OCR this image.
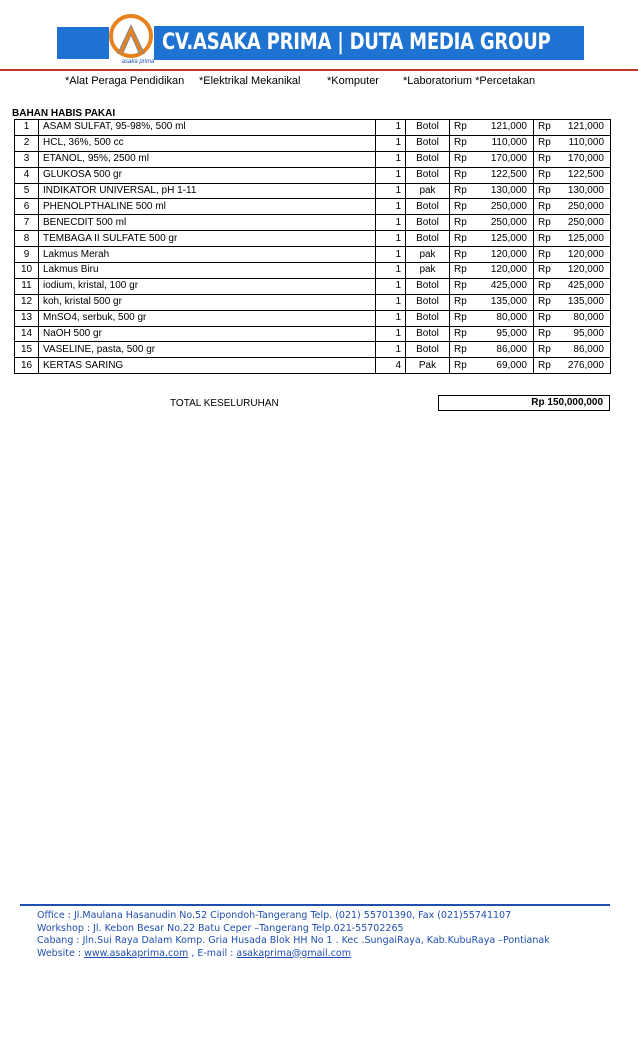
asaka prima
CV.ASAKA PRIMA | DUTA MEDIA GROUP
*Alat Peraga Pendidikan *Elektrikal Mekanikal *Komputer *Laboratorium *Percetakan
BAHAN HABIS PAKAI
1	ASAM SULFAT, 95-98%, 500 ml	1	Botol	Rp	121,000	Rp	121,000
2	HCL, 36%, 500 cc	1	Botol	Rp	110,000	Rp	110,000
3	ETANOL, 95%, 2500 ml	1	Botol	Rp	170,000	Rp	170,000
4	GLUKOSA 500 gr	1	Botol	Rp	122,500	Rp	122,500
5	INDIKATOR UNIVERSAL, pH 1-11	1	pak	Rp	130,000	Rp	130,000
6	PHENOLPTHALINE 500 ml	1	Botol	Rp	250,000	Rp	250,000
7	BENECDIT 500 ml	1	Botol	Rp	250,000	Rp	250,000
8	TEMBAGA II SULFATE 500 gr	1	Botol	Rp	125,000	Rp	125,000
9	Lakmus Merah	1	pak	Rp	120,000	Rp	120,000
10	Lakmus Biru	1	pak	Rp	120,000	Rp	120,000
11	iodium, kristal, 100 gr	1	Botol	Rp	425,000	Rp	425,000
12	koh, kristal 500 gr	1	Botol	Rp	135,000	Rp	135,000
13	MnSO4, serbuk, 500 gr	1	Botol	Rp	80,000	Rp	80,000
14	NaOH 500 gr	1	Botol	Rp	95,000	Rp	95,000
15	VASELINE, pasta, 500 gr	1	Botol	Rp	86,000	Rp	86,000
16	KERTAS SARING	4	Pak	Rp	69,000	Rp	276,000
TOTAL KESELURUHAN	Rp 150,000,000
Office : Jl.Maulana Hasanudin No.52 Cipondoh-Tangerang Telp. (021) 55701390, Fax (021)55741107
Workshop : Jl. Kebon Besar No.22 Batu Ceper –Tangerang Telp.021-55702265
Cabang : Jln.Sui Raya Dalam Komp. Gria Husada Blok HH No 1 . Kec .SungaiRaya, Kab.KubuRaya –Pontianak
Website : www.asakaprima.com , E-mail : asakaprima@gmail.com
